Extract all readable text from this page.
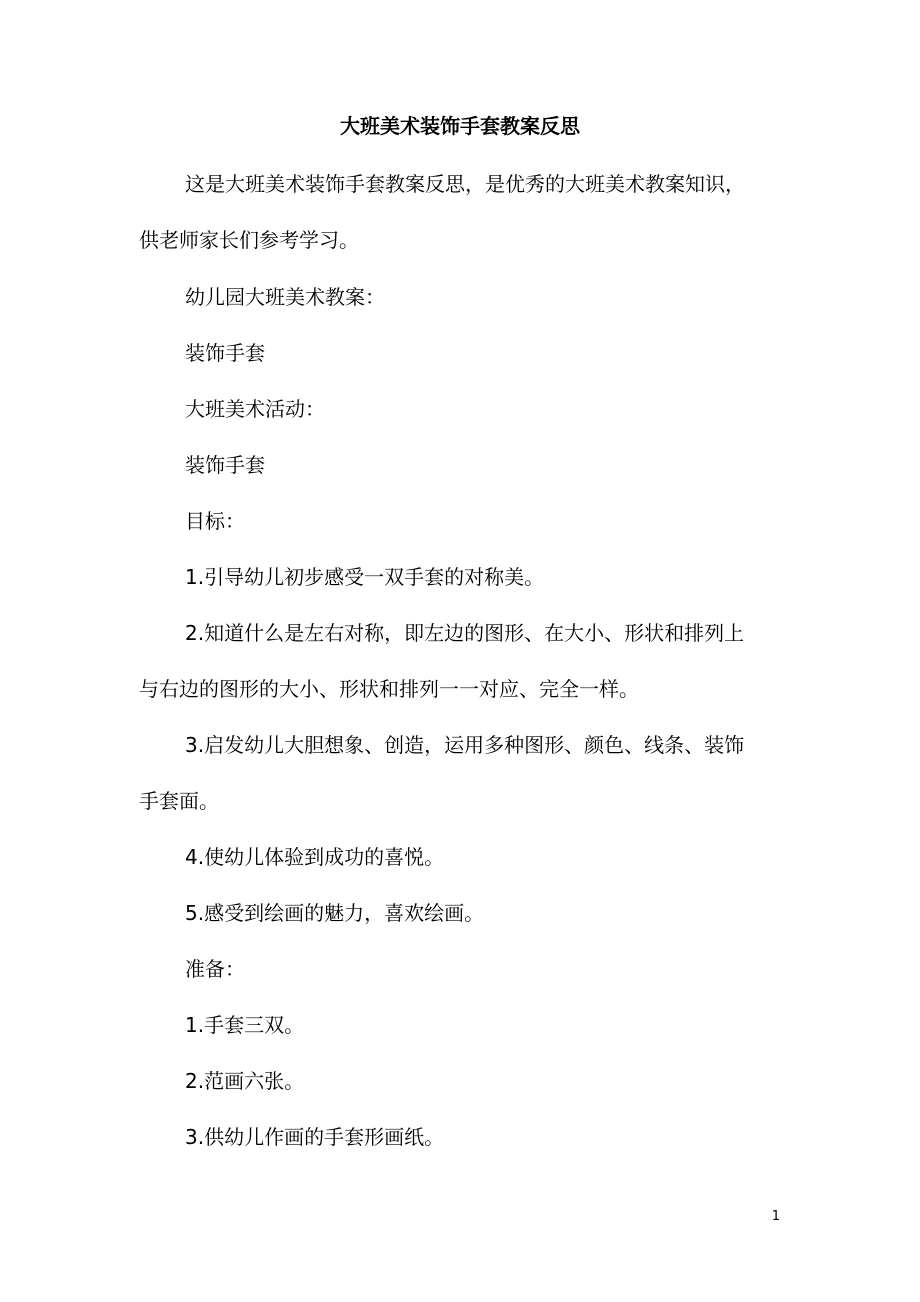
大班美术装饰手套教案反思
这是大班美术装饰手套教案反思，是优秀的大班美术教案知识，
供老师家长们参考学习。
幼儿园大班美术教案：
装饰手套
大班美术活动：
装饰手套
目标：
1.引导幼儿初步感受一双手套的对称美。
2.知道什么是左右对称，即左边的图形、在大小、形状和排列上
与右边的图形的大小、形状和排列一一对应、完全一样。
3.启发幼儿大胆想象、创造，运用多种图形、颜色、线条、装饰
手套面。
4.使幼儿体验到成功的喜悦。
5.感受到绘画的魅力，喜欢绘画。
准备：
1.手套三双。
2.范画六张。
3.供幼儿作画的手套形画纸。
1
